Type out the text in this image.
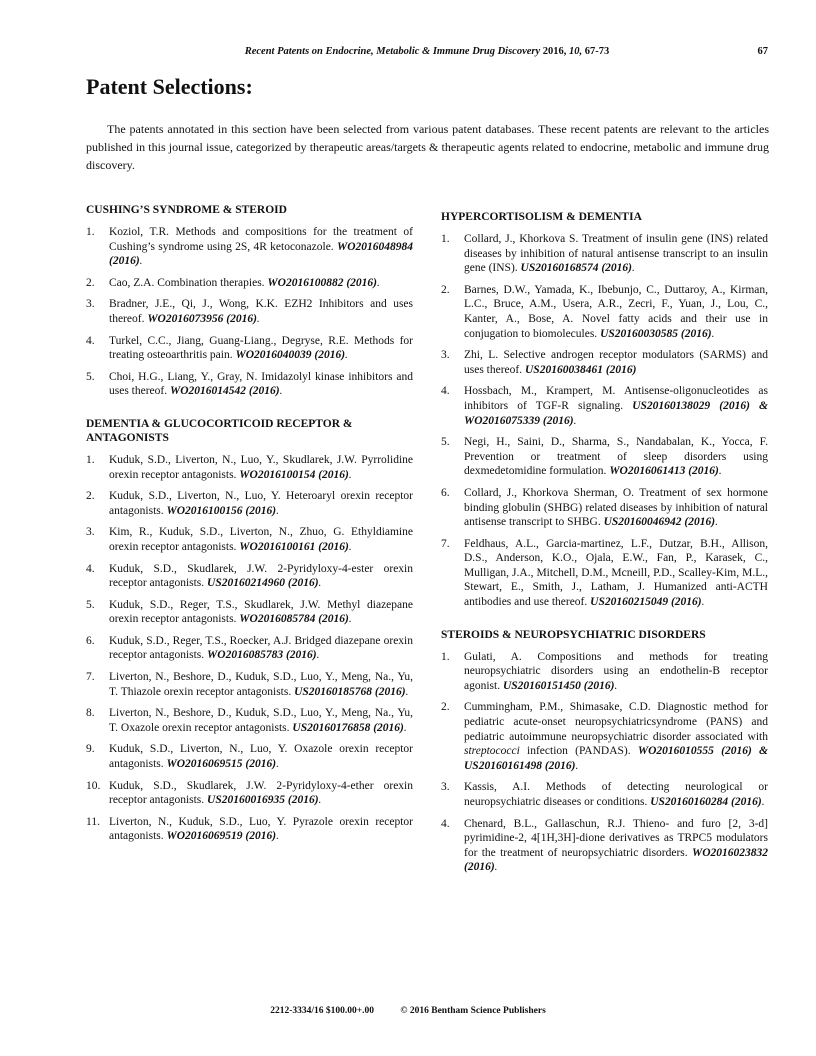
Recent Patents on Endocrine, Metabolic & Immune Drug Discovery 2016, 10, 67-73	67
Patent Selections:

The patents annotated in this section have been selected from various patent databases. These recent patents are relevant to the articles published in this journal issue, categorized by therapeutic areas/targets & therapeutic agents related to endocrine, metabolic and immune drug discovery.

CUSHING’S SYNDROME & STEROID
1. Koziol, T.R. Methods and compositions for the treatment of Cushing’s syndrome using 2S, 4R ketoconazole. WO2016048984 (2016).
2. Cao, Z.A. Combination therapies. WO2016100882 (2016).
3. Bradner, J.E., Qi, J., Wong, K.K. EZH2 Inhibitors and uses thereof. WO2016073956 (2016).
4. Turkel, C.C., Jiang, Guang-Liang., Degryse, R.E. Methods for treating osteoarthritis pain. WO2016040039 (2016).
5. Choi, H.G., Liang, Y., Gray, N. Imidazolyl kinase inhibitors and uses thereof. WO2016014542 (2016).
DEMENTIA & GLUCOCORTICOID RECEPTOR & ANTAGONISTS
1. Kuduk, S.D., Liverton, N., Luo, Y., Skudlarek, J.W. Pyrrolidine orexin receptor antagonists. WO2016100154 (2016).
2. Kuduk, S.D., Liverton, N., Luo, Y. Heteroaryl orexin receptor antagonists. WO2016100156 (2016).
3. Kim, R., Kuduk, S.D., Liverton, N., Zhuo, G. Ethyldiamine orexin receptor antagonists. WO2016100161 (2016).
4. Kuduk, S.D., Skudlarek, J.W. 2-Pyridyloxy-4-ester orexin receptor antagonists. US20160214960 (2016).
5. Kuduk, S.D., Reger, T.S., Skudlarek, J.W. Methyl diazepane orexin receptor antagonists. WO2016085784 (2016).
6. Kuduk, S.D., Reger, T.S., Roecker, A.J. Bridged diazepane orexin receptor antagonists. WO2016085783 (2016).
7. Liverton, N., Beshore, D., Kuduk, S.D., Luo, Y., Meng, Na., Yu, T. Thiazole orexin receptor antagonists. US20160185768 (2016).
8. Liverton, N., Beshore, D., Kuduk, S.D., Luo, Y., Meng, Na., Yu, T. Oxazole orexin receptor antagonists. US20160176858 (2016).
9. Kuduk, S.D., Liverton, N., Luo, Y. Oxazole orexin receptor antagonists. WO2016069515 (2016).
10. Kuduk, S.D., Skudlarek, J.W. 2-Pyridyloxy-4-ether orexin receptor antagonists. US20160016935 (2016).
11. Liverton, N., Kuduk, S.D., Luo, Y. Pyrazole orexin receptor antagonists. WO2016069519 (2016).
HYPERCORTISOLISM & DEMENTIA
1. Collard, J., Khorkova S. Treatment of insulin gene (INS) related diseases by inhibition of natural antisense transcript to an insulin gene (INS). US20160168574 (2016).
2. Barnes, D.W., Yamada, K., Ibebunjo, C., Duttaroy, A., Kirman, L.C., Bruce, A.M., Usera, A.R., Zecri, F., Yuan, J., Lou, C., Kanter, A., Bose, A. Novel fatty acids and their use in conjugation to biomolecules. US20160030585 (2016).
3. Zhi, L. Selective androgen receptor modulators (SARMS) and uses thereof. US20160038461 (2016)
4. Hossbach, M., Krampert, M. Antisense-oligonucleotides as inhibitors of TGF-R signaling. US20160138029 (2016) & WO2016075339 (2016).
5. Negi, H., Saini, D., Sharma, S., Nandabalan, K., Yocca, F. Prevention or treatment of sleep disorders using dexmedetomidine formulation. WO2016061413 (2016).
6. Collard, J., Khorkova Sherman, O. Treatment of sex hormone binding globulin (SHBG) related diseases by inhibition of natural antisense transcript to SHBG. US20160046942 (2016).
7. Feldhaus, A.L., Garcia-martinez, L.F., Dutzar, B.H., Allison, D.S., Anderson, K.O., Ojala, E.W., Fan, P., Karasek, C., Mulligan, J.A., Mitchell, D.M., Mcneill, P.D., Scalley-Kim, M.L., Stewart, E., Smith, J., Latham, J. Humanized anti-ACTH antibodies and use thereof. US20160215049 (2016).
STEROIDS & NEUROPSYCHIATRIC DISORDERS
1. Gulati, A. Compositions and methods for treating neuropsychiatric disorders using an endothelin-B receptor agonist. US20160151450 (2016).
2. Cummingham, P.M., Shimasake, C.D. Diagnostic method for pediatric acute-onset neuropsychiatricsyndrome (PANS) and pediatric autoimmune neuropsychiatric disorder associated with streptococci infection (PANDAS). WO2016010555 (2016) & US20160161498 (2016).
3. Kassis, A.I. Methods of detecting neurological or neuropsychiatric diseases or conditions. US20160160284 (2016).
4. Chenard, B.L., Gallaschun, R.J. Thieno- and furo [2, 3-d] pyrimidine-2, 4[1H,3H]-dione derivatives as TRPC5 modulators for the treatment of neuropsychiatric disorders. WO2016023832 (2016).
2212-3334/16 $100.00+.00	© 2016 Bentham Science Publishers
